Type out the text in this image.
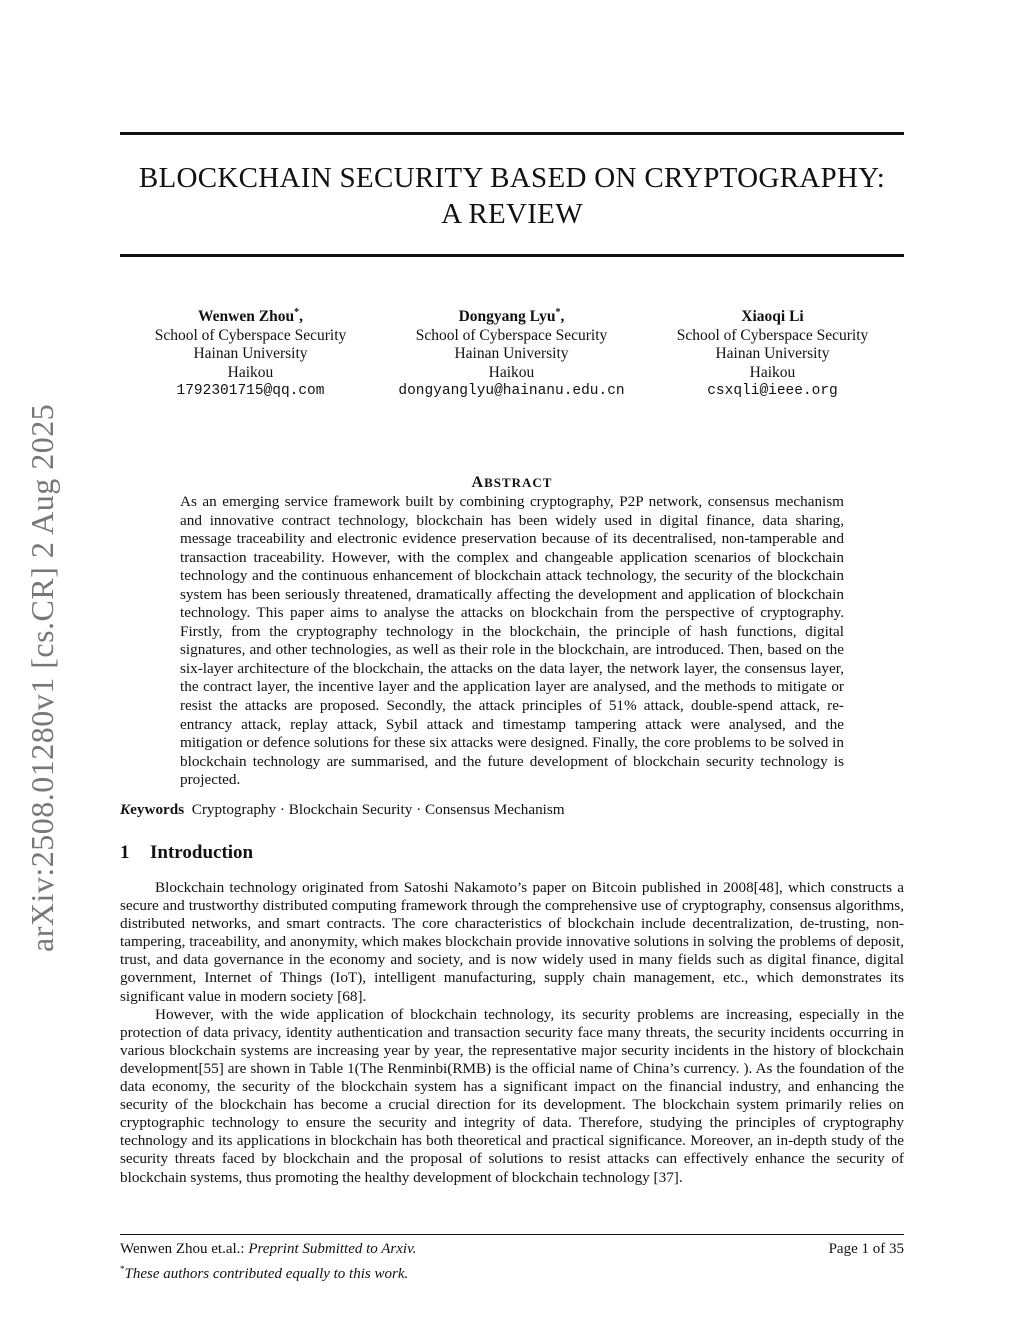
arXiv:2508.01280v1 [cs.CR] 2 Aug 2025
BLOCKCHAIN SECURITY BASED ON CRYPTOGRAPHY:
A REVIEW
Wenwen Zhou*,
School of Cyberspace Security
Hainan University
Haikou
1792301715@qq.com
Dongyang Lyu*,
School of Cyberspace Security
Hainan University
Haikou
dongyanglyu@hainanu.edu.cn
Xiaoqi Li
School of Cyberspace Security
Hainan University
Haikou
csxqli@ieee.org
ABSTRACT

As an emerging service framework built by combining cryptography, P2P network, consensus mechanism and innovative contract technology, blockchain has been widely used in digital finance, data sharing, message traceability and electronic evidence preservation because of its decentralised, non-tamperable and transaction traceability. However, with the complex and changeable application scenarios of blockchain technology and the continuous enhancement of blockchain attack technology, the security of the blockchain system has been seriously threatened, dramatically affecting the development and application of blockchain technology. This paper aims to analyse the attacks on blockchain from the perspective of cryptography. Firstly, from the cryptography technology in the blockchain, the principle of hash functions, digital signatures, and other technologies, as well as their role in the blockchain, are introduced. Then, based on the six-layer architecture of the blockchain, the attacks on the data layer, the network layer, the consensus layer, the contract layer, the incentive layer and the application layer are analysed, and the methods to mitigate or resist the attacks are proposed. Secondly, the attack principles of 51% attack, double-spend attack, re-entrancy attack, replay attack, Sybil attack and timestamp tampering attack were analysed, and the mitigation or defence solutions for these six attacks were designed. Finally, the core problems to be solved in blockchain technology are summarised, and the future development of blockchain security technology is projected.

Keywords Cryptography · Blockchain Security · Consensus Mechanism
1 Introduction

Blockchain technology originated from Satoshi Nakamoto’s paper on Bitcoin published in 2008[48], which constructs a secure and trustworthy distributed computing framework through the comprehensive use of cryptography, consensus algorithms, distributed networks, and smart contracts. The core characteristics of blockchain include decentralization, de-trusting, non-tampering, traceability, and anonymity, which makes blockchain provide innovative solutions in solving the problems of deposit, trust, and data governance in the economy and society, and is now widely used in many fields such as digital finance, digital government, Internet of Things (IoT), intelligent manufacturing, supply chain management, etc., which demonstrates its significant value in modern society [68].

However, with the wide application of blockchain technology, its security problems are increasing, especially in the protection of data privacy, identity authentication and transaction security face many threats, the security incidents occurring in various blockchain systems are increasing year by year, the representative major security incidents in the history of blockchain development[55] are shown in Table 1(The Renminbi(RMB) is the official name of China’s currency. ). As the foundation of the data economy, the security of the blockchain system has a significant impact on the financial industry, and enhancing the security of the blockchain has become a crucial direction for its development. The blockchain system primarily relies on cryptographic technology to ensure the security and integrity of data. Therefore, studying the principles of cryptography technology and its applications in blockchain has both theoretical and practical significance. Moreover, an in-depth study of the security threats faced by blockchain and the proposal of solutions to resist attacks can effectively enhance the security of blockchain systems, thus promoting the healthy development of blockchain technology [37].

Wenwen Zhou et.al.: Preprint Submitted to Arxiv.	Page 1 of 35
*These authors contributed equally to this work.
